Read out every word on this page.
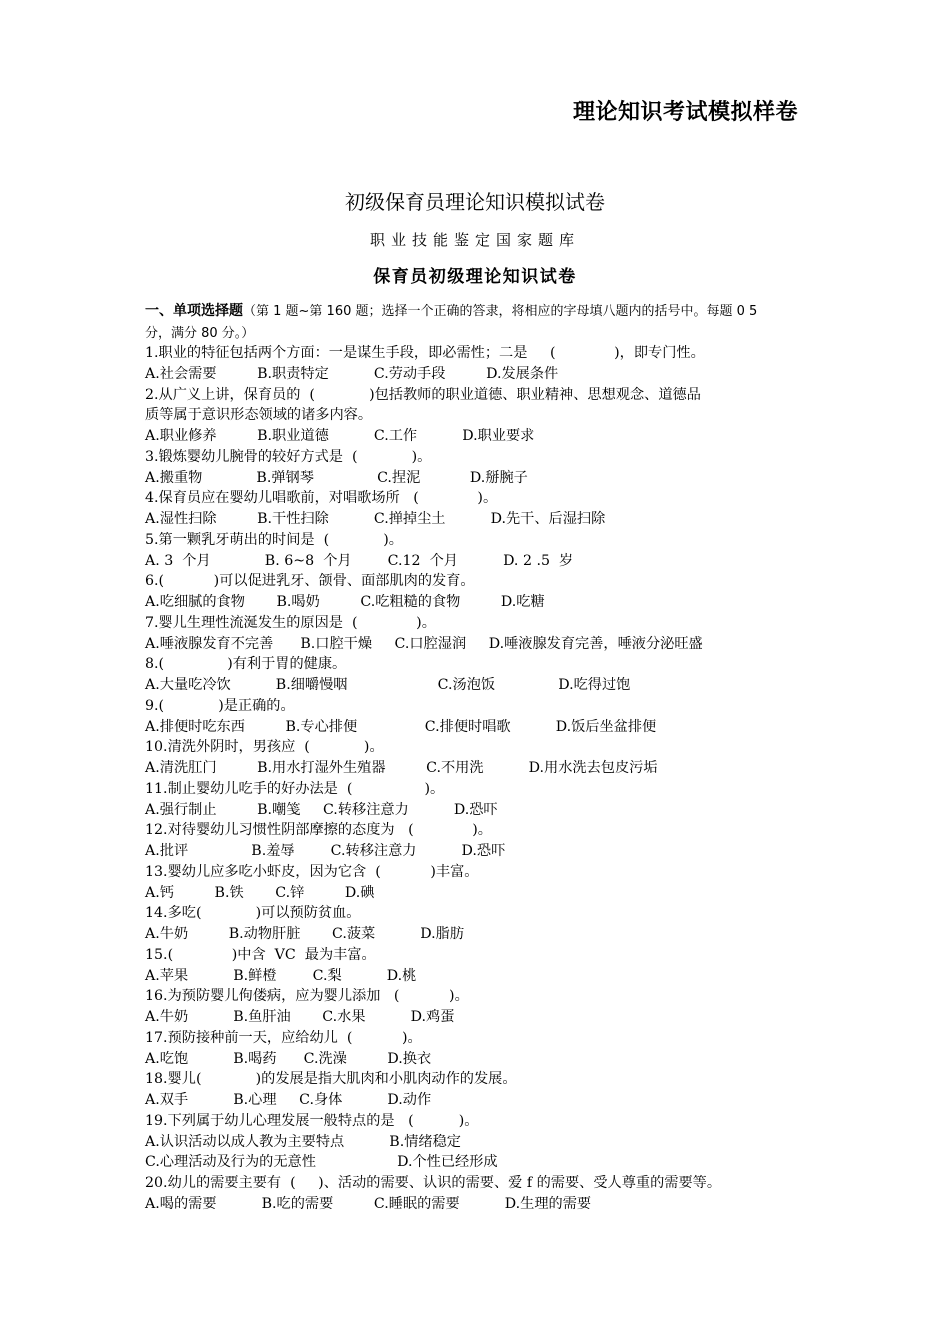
理论知识考试模拟样卷
初级保育员理论知识模拟试卷
职业技能鉴定国家题库
保育员初级理论知识试卷
一、单项选择题（第 1 题~第 160 题；选择一个正确的答隶，将相应的字母填八题内的括号中。每题 0 5
分，满分 80 分。）
1.职业的特征包括两个方面：一是谋生手段，即必需性；二是     (             )，即专门性。
A.社会需要         B.职责特定          C.劳动手段         D.发展条件
2.从广义上讲，保育员的  (            )包括教师的职业道德、职业精神、思想观念、道德品
质等属于意识形态领域的诸多内容。
A.职业修养         B.职业道德          C.工作          D.职业要求
3.锻炼婴幼儿腕骨的较好方式是  (            )。
A.搬重物            B.弹钢琴              C.捏泥           D.掰腕子
4.保育员应在婴幼儿唱歌前，对唱歌场所   (             )。
A.湿性扫除         B.干性扫除          C.掸掉尘土          D.先干、后湿扫除
5.第一颗乳牙萌出的时间是  (            )。
A. 3  个月            B. 6~8  个月        C.12  个月          D. 2 .5  岁
6.(           )可以促进乳牙、颌骨、面部肌肉的发育。
A.吃细腻的食物       B.喝奶         C.吃粗糙的食物         D.吃糖
7.婴儿生理性流涎发生的原因是  (             )。
A.唾液腺发育不完善      B.口腔干燥     C.口腔湿润     D.唾液腺发育完善，唾液分泌旺盛
8.(              )有利于胃的健康。
A.大量吃冷饮          B.细嚼慢咽                    C.汤泡饭              D.吃得过饱
9.(            )是正确的。
A.排便时吃东西         B.专心排便               C.排便时唱歌          D.饭后坐盆排便
10.清洗外阴时，男孩应  (            )。
A.清洗肛门         B.用水打湿外生殖器         C.不用洗          D.用水洗去包皮污垢
11.制止婴幼儿吃手的好办法是  (                )。
A.强行制止         B.嘲笺     C.转移注意力          D.恐吓
12.对待婴幼儿习惯性阴部摩擦的态度为   (             )。
A.批评              B.羞辱        C.转移注意力          D.恐吓
13.婴幼儿应多吃小虾皮，因为它含  (           )丰富。
A.钙         B.铁       C.锌         D.碘
14.多吃(            )可以预防贫血。
A.牛奶         B.动物肝脏       C.菠菜          D.脂肪
15.(             )中含  VC  最为丰富。
A.苹果          B.鲜橙        C.梨          D.桃
16.为预防婴儿佝偻病，应为婴儿添加   (           )。
A.牛奶          B.鱼肝油       C.水果          D.鸡蛋
17.预防接种前一天，应给幼儿  (           )。
A.吃饱          B.喝药      C.洗澡         D.换衣
18.婴儿(            )的发展是指大肌肉和小肌肉动作的发展。
A.双手          B.心理     C.身体          D.动作
19.下列属于幼儿心理发展一般特点的是   (          )。
A.认识活动以成人教为主要特点          B.情绪稳定
C.心理活动及行为的无意性                  D.个性已经形成
20.幼儿的需要主要有  (     )、活动的需要、认识的需要、爱 f 的需要、受人尊重的需要等。
A.喝的需要          B.吃的需要         C.睡眠的需要          D.生理的需要
